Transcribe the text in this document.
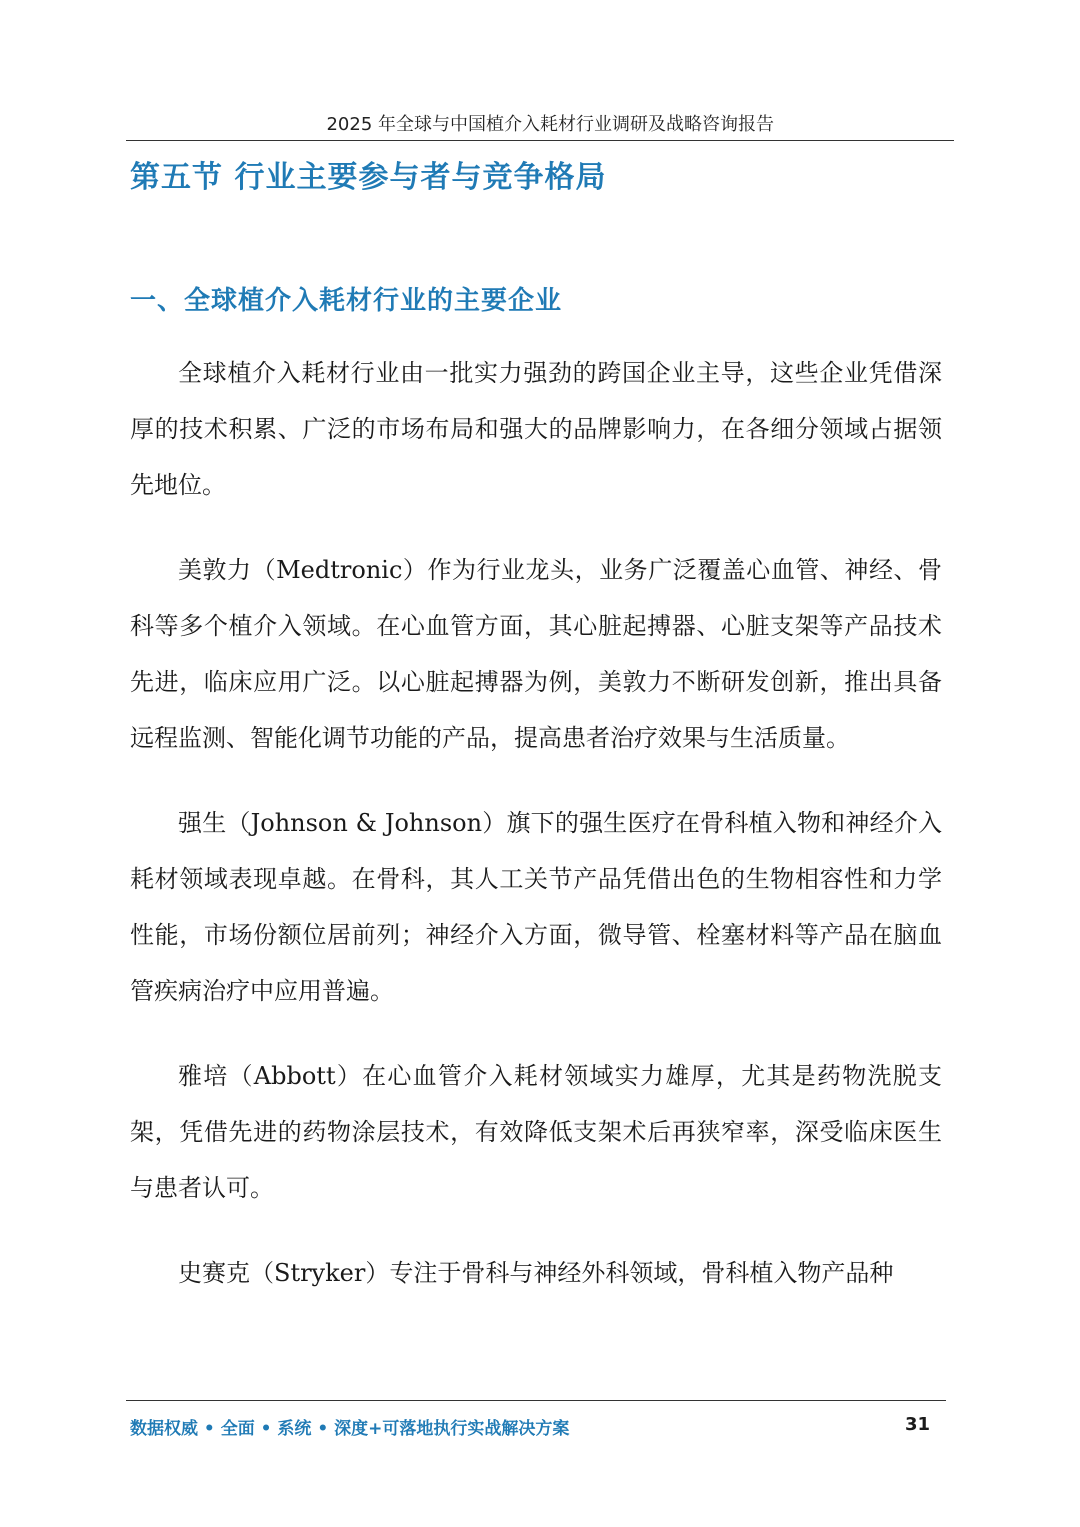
2025 年全球与中国植介入耗材行业调研及战略咨询报告
第五节 行业主要参与者与竞争格局
一、全球植介入耗材行业的主要企业

全球植介入耗材行业由一批实力强劲的跨国企业主导，这些企业凭借深厚的技术积累、广泛的市场布局和强大的品牌影响力，在各细分领域占据领先地位。

美敦力（Medtronic）作为行业龙头，业务广泛覆盖心血管、神经、骨科等多个植介入领域。在心血管方面，其心脏起搏器、心脏支架等产品技术先进，临床应用广泛。以心脏起搏器为例，美敦力不断研发创新，推出具备远程监测、智能化调节功能的产品，提高患者治疗效果与生活质量。

强生（Johnson & Johnson）旗下的强生医疗在骨科植入物和神经介入耗材领域表现卓越。在骨科，其人工关节产品凭借出色的生物相容性和力学性能，市场份额位居前列；神经介入方面，微导管、栓塞材料等产品在脑血管疾病治疗中应用普遍。

雅培（Abbott）在心血管介入耗材领域实力雄厚，尤其是药物洗脱支架，凭借先进的药物涂层技术，有效降低支架术后再狭窄率，深受临床医生与患者认可。

史赛克（Stryker）专注于骨科与神经外科领域，骨科植入物产品种

数据权威 • 全面 • 系统 • 深度+可落地执行实战解决方案	31
